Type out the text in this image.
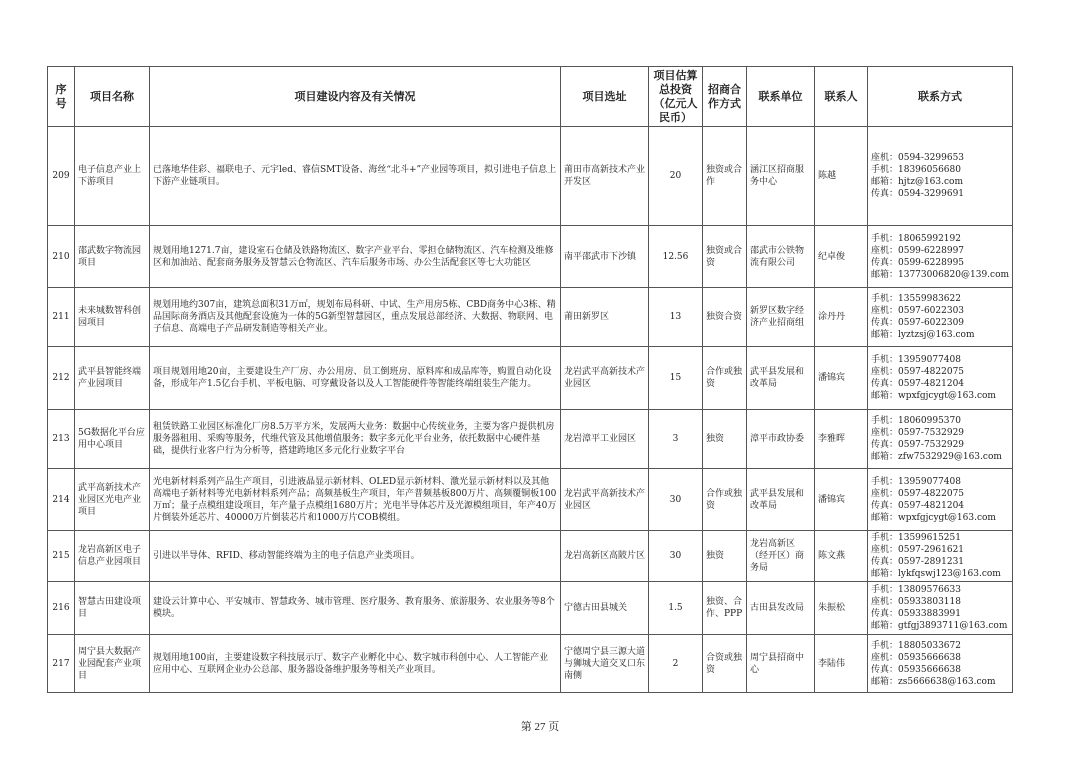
序号	项目名称	项目建设内容及有关情况	项目选址	项目估算总投资（亿元人民币）	招商合作方式	联系单位	联系人	联系方式
209	电子信息产业上下游项目	已落地华佳彩、福联电子、元宇led、睿信SMT设备、海丝“北斗+”产业园等项目，拟引进电子信息上下游产业链项目。	莆田市高新技术产业开发区	20	独资或合作	涵江区招商服务中心	陈越	座机：0594-3299653
手机：18396056680
邮箱：hjtz@163.com
传真：0594-3299691

210	邵武数字物流园项目	规划用地1271.7亩，建设室石仓储及铁路物流区、数字产业平台、零担仓储物流区、汽车检测及维修区和加油站、配套商务服务及智慧云仓物流区、汽车后服务市场、办公生活配套区等七大功能区	南平邵武市下沙镇	12.56	独资或合资	邵武市公铁物流有限公司	纪卓俊	手机：18065992192
座机：0599-6228997
传真：0599-6228995
邮箱：13773006820@139.com

211	未来城数智科创园项目	规划用地约307亩，建筑总面积31万㎡，规划布局科研、中试、生产用房5栋、CBD商务中心3栋、精品国际商务酒店及其他配套设施为一体的5G新型智慧园区，重点发展总部经济、大数据、物联网、电子信息、高端电子产品研发制造等相关产业。	莆田新罗区	13	独资合资	新罗区数字经济产业招商组	涂丹丹	手机：13559983622
座机：0597-6022303
传真：0597-6022309
邮箱：lyztzsj@163.com

212	武平县智能终端产业园项目	项目规划用地20亩，主要建设生产厂房、办公用房、员工倒班房、原料库和成品库等，购置自动化设备，形成年产1.5亿台手机、平板电脑、可穿戴设备以及人工智能硬件等智能终端组装生产能力。	龙岩武平高新技术产业园区	15	合作或独资	武平县发展和改革局	潘锦宾	手机：13959077408
座机：0597-4822075
传真：0597-4821204
邮箱：wpxfgjcygt@163.com

213	5G数据化平台应用中心项目	租赁铁路工业园区标准化厂房8.5万平方米，发展两大业务：数据中心传统业务，主要为客户提供机房服务器租用、采购等服务，代维代管及其他增值服务；数字多元化平台业务，依托数据中心硬件基础，提供行业客户行为分析等，搭建跨地区多元化行业数字平台	龙岩漳平工业园区	3	独资	漳平市政协委	李雅晖	手机：18060995370
座机：0597-7532929
传真：0597-7532929
邮箱：zfw7532929@163.com

214	武平高新技术产业园区光电产业项目	光电新材料系列产品生产项目，引进液晶显示新材料、OLED显示新材料、激光显示新材料以及其他高端电子新材料等光电新材料系列产品；高频基板生产项目，年产普频基板800万片、高频覆铜板100万㎡；量子点模组建设项目，年产量子点模组1680万片；光电半导体芯片及光源模组项目，年产40万片倒装外延芯片、40000万片倒装芯片和1000万片COB模组。	龙岩武平高新技术产业园区	30	合作或独资	武平县发展和改革局	潘锦宾	手机：13959077408
座机：0597-4822075
传真：0597-4821204
邮箱：wpxfgjcygt@163.com

215	龙岩高新区电子信息产业园项目	引进以半导体、RFID、移动智能终端为主的电子信息产业类项目。	龙岩高新区高陂片区	30	独资	龙岩高新区（经开区）商务局	陈文燕	手机：13599615251
座机：0597-2961621
传真：0597-2891231
邮箱：lykfqswj123@163.com

216	智慧古田建设项目	建设云计算中心、平安城市、智慧政务、城市管理、医疗服务、教育服务、旅游服务、农业服务等8个模块。	宁德古田县城关	1.5	独资、合作、PPP	古田县发改局	朱振松	手机：13809576633
座机：05933803118
传真：05933883991
邮箱：gtfgj3893711@163.com

217	周宁县大数据产业园配套产业项目	规划用地100亩，主要建设数字科技展示厅、数字产业孵化中心、数字城市科创中心、人工智能产业应用中心、互联网企业办公总部、服务器设备维护服务等相关产业项目。	宁德周宁县三源大道与狮城大道交叉口东南侧	2	合资或独资	周宁县招商中心	李陆伟	手机：18805033672
座机：05935666638
传真：05935666638
邮箱：zs5666638@163.com
第 27 页
